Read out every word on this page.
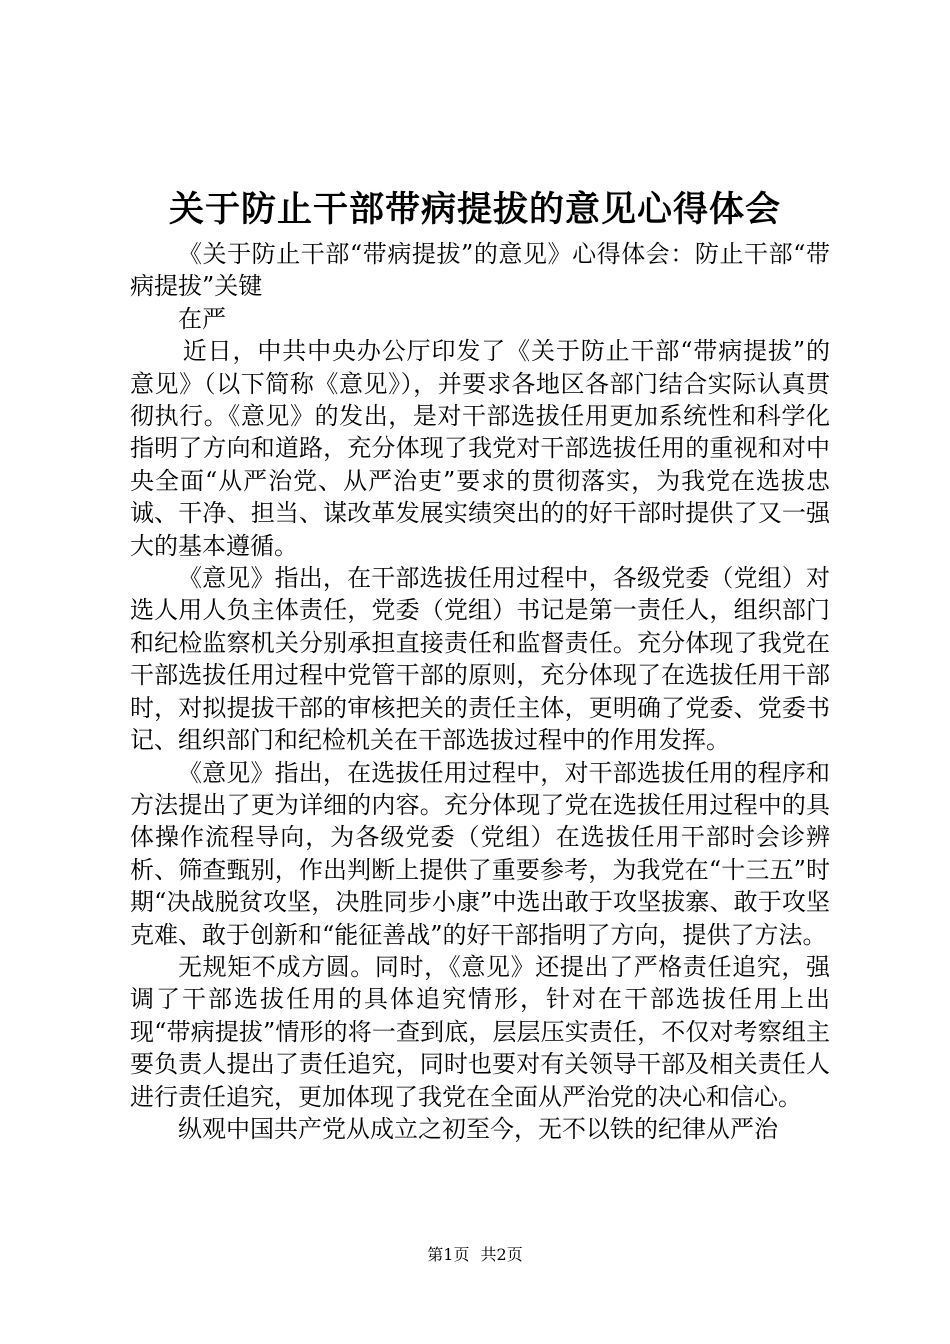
关于防止干部带病提拔的意见心得体会

《关于防止干部“带病提拔”的意见》心得体会：防止干部“带病提拔”关键

在严

近日，中共中央办公厅印发了《关于防止干部“带病提拔”的意见》（以下简称《意见》），并要求各地区各部门结合实际认真贯彻执行。《意见》的发出，是对干部选拔任用更加系统性和科学化指明了方向和道路，充分体现了我党对干部选拔任用的重视和对中央全面“从严治党、从严治吏”要求的贯彻落实，为我党在选拔忠诚、干净、担当、谋改革发展实绩突出的的好干部时提供了又一强大的基本遵循。

《意见》指出，在干部选拔任用过程中，各级党委（党组）对选人用人负主体责任，党委（党组）书记是第一责任人，组织部门和纪检监察机关分别承担直接责任和监督责任。充分体现了我党在干部选拔任用过程中党管干部的原则，充分体现了在选拔任用干部时，对拟提拔干部的审核把关的责任主体，更明确了党委、党委书记、组织部门和纪检机关在干部选拔过程中的作用发挥。

《意见》指出，在选拔任用过程中，对干部选拔任用的程序和方法提出了更为详细的内容。充分体现了党在选拔任用过程中的具体操作流程导向，为各级党委（党组）在选拔任用干部时会诊辨析、筛查甄别，作出判断上提供了重要参考，为我党在“十三五”时期“决战脱贫攻坚，决胜同步小康”中选出敢于攻坚拔寨、敢于攻坚克难、敢于创新和“能征善战”的好干部指明了方向，提供了方法。

无规矩不成方圆。同时，《意见》还提出了严格责任追究，强调了干部选拔任用的具体追究情形，针对在干部选拔任用上出现“带病提拔”情形的将一查到底，层层压实责任，不仅对考察组主要负责人提出了责任追究，同时也要对有关领导干部及相关责任人进行责任追究，更加体现了我党在全面从严治党的决心和信心。

纵观中国共产党从成立之初至今，无不以铁的纪律从严治

第1页 共2页
